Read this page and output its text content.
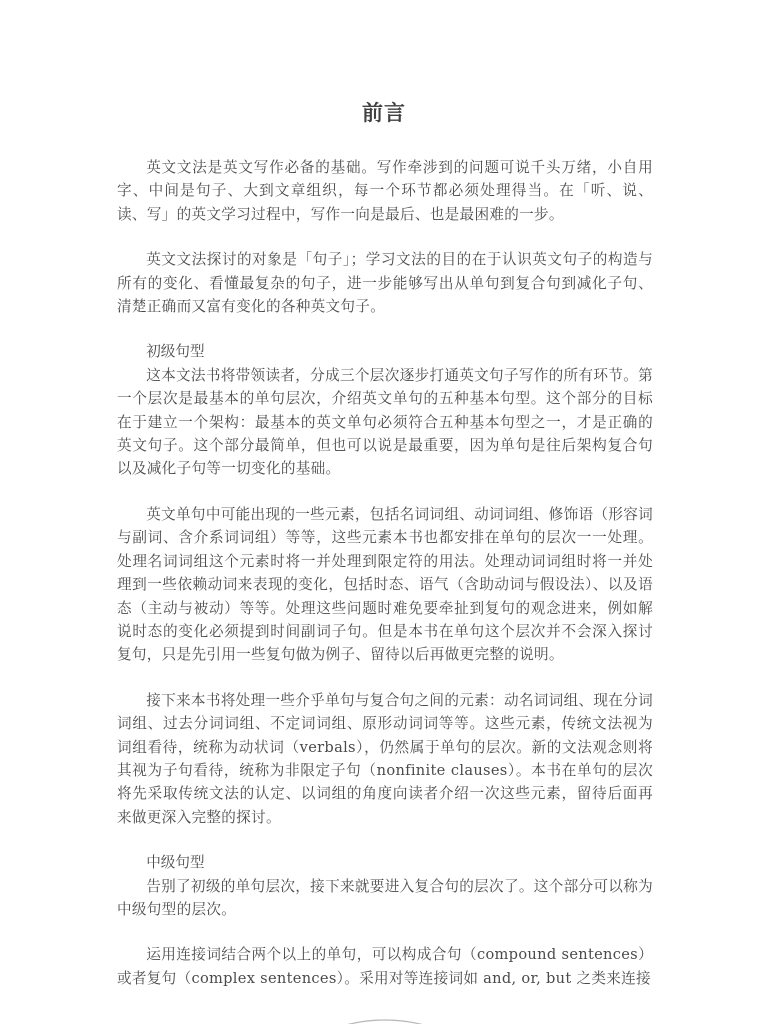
前言

英文文法是英文写作必备的基础。写作牵涉到的问题可说千头万绪，小自用字、中间是句子、大到文章组织，每一个环节都必须处理得当。在「听、说、读、写」的英文学习过程中，写作一向是最后、也是最困难的一步。

英文文法探讨的对象是「句子」；学习文法的目的在于认识英文句子的构造与所有的变化、看懂最复杂的句子，进一步能够写出从单句到复合句到减化子句、清楚正确而又富有变化的各种英文句子。

初级句型

这本文法书将带领读者，分成三个层次逐步打通英文句子写作的所有环节。第一个层次是最基本的单句层次，介绍英文单句的五种基本句型。这个部分的目标在于建立一个架构：最基本的英文单句必须符合五种基本句型之一，才是正确的英文句子。这个部分最简单，但也可以说是最重要，因为单句是往后架构复合句以及减化子句等一切变化的基础。

英文单句中可能出现的一些元素，包括名词词组、动词词组、修饰语（形容词与副词、含介系词词组）等等，这些元素本书也都安排在单句的层次一一处理。处理名词词组这个元素时将一并处理到限定符的用法。处理动词词组时将一并处理到一些依赖动词来表现的变化，包括时态、语气（含助动词与假设法）、以及语态（主动与被动）等等。处理这些问题时难免要牵扯到复句的观念进来，例如解说时态的变化必须提到时间副词子句。但是本书在单句这个层次并不会深入探讨复句，只是先引用一些复句做为例子、留待以后再做更完整的说明。

接下来本书将处理一些介乎单句与复合句之间的元素：动名词词组、现在分词词组、过去分词词组、不定词词组、原形动词词等等。这些元素，传统文法视为词组看待，统称为动状词（verbals），仍然属于单句的层次。新的文法观念则将其视为子句看待，统称为非限定子句（nonfinite clauses）。本书在单句的层次将先采取传统文法的认定、以词组的角度向读者介绍一次这些元素，留待后面再来做更深入完整的探讨。

中级句型

告别了初级的单句层次，接下来就要进入复合句的层次了。这个部分可以称为中级句型的层次。

运用连接词结合两个以上的单句，可以构成合句（compound sentences）或者复句（complex sentences）。采用对等连接词如 and, or, but 之类来连接
